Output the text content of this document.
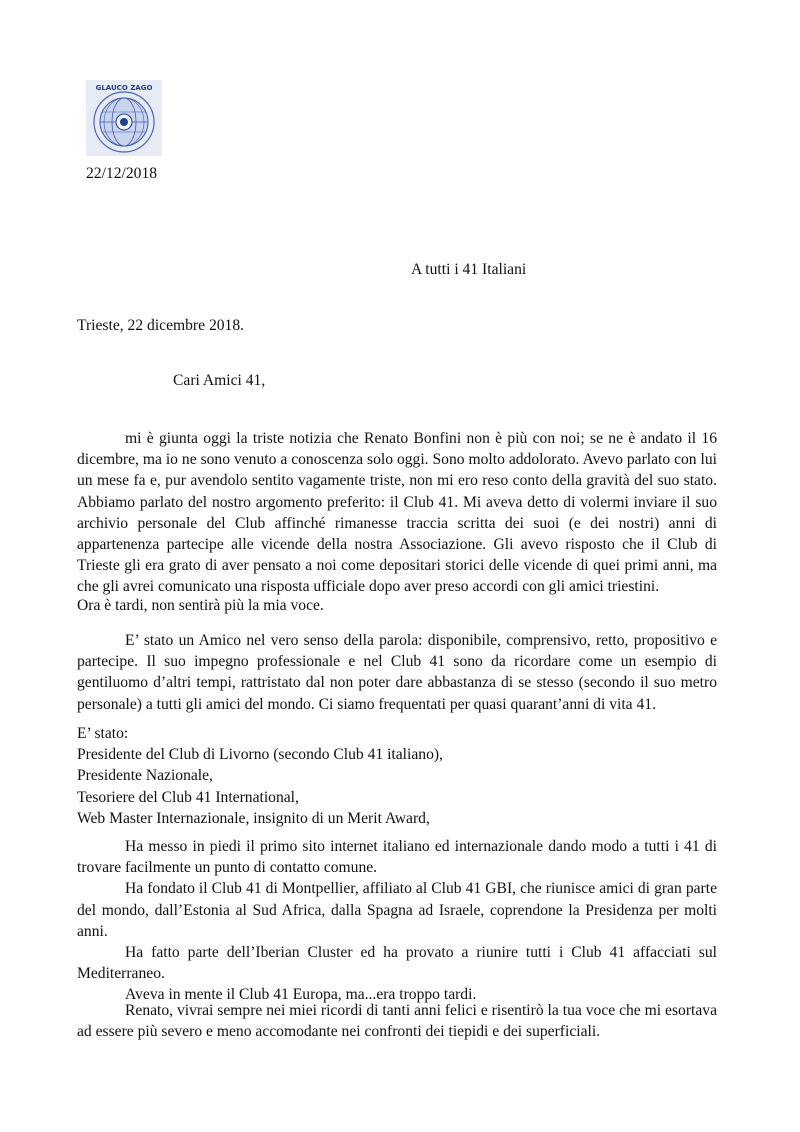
GLAUCO ZAGO
22/12/2018
A tutti i 41 Italiani
Trieste, 22 dicembre 2018.
Cari Amici 41,

mi è giunta oggi la triste notizia che Renato Bonfini non è più con noi; se ne è andato il 16 dicembre, ma io ne sono venuto a conoscenza solo oggi. Sono molto addolorato. Avevo parlato con lui un mese fa e, pur avendolo sentito vagamente triste, non mi ero reso conto della gravità del suo stato. Abbiamo parlato del nostro argomento preferito: il Club 41. Mi aveva detto di volermi inviare il suo archivio personale del Club affinché rimanesse traccia scritta dei suoi (e dei nostri) anni di appartenenza partecipe alle vicende della nostra Associazione. Gli avevo risposto che il Club di Trieste gli era grato di aver pensato a noi come depositari storici delle vicende di quei primi anni, ma che gli avrei comunicato una risposta ufficiale dopo aver preso accordi con gli amici triestini.

Ora è tardi, non sentirà più la mia voce.

E’ stato un Amico nel vero senso della parola: disponibile, comprensivo, retto, propositivo e partecipe. Il suo impegno professionale e nel Club 41 sono da ricordare come un esempio di gentiluomo d’altri tempi, rattristato dal non poter dare abbastanza di se stesso (secondo il suo metro personale) a tutti gli amici del mondo. Ci siamo frequentati per quasi quarant’anni di vita 41.

E’ stato:
Presidente del Club di Livorno (secondo Club 41 italiano),
Presidente Nazionale,
Tesoriere del Club 41 International,
Web Master Internazionale, insignito di un Merit Award,

Ha messo in piedi il primo sito internet italiano ed internazionale dando modo a tutti i 41 di trovare facilmente un punto di contatto comune.

Ha fondato il Club 41 di Montpellier, affiliato al Club 41 GBI, che riunisce amici di gran parte del mondo, dall’Estonia al Sud Africa, dalla Spagna ad Israele, coprendone la Presidenza per molti anni.

Ha fatto parte dell’Iberian Cluster ed ha provato a riunire tutti i Club 41 affacciati sul Mediterraneo.

Aveva in mente il Club 41 Europa, ma...era troppo tardi.

Renato, vivrai sempre nei miei ricordi di tanti anni felici e risentirò la tua voce che mi esortava ad essere più severo e meno accomodante nei confronti dei tiepidi e dei superficiali.
